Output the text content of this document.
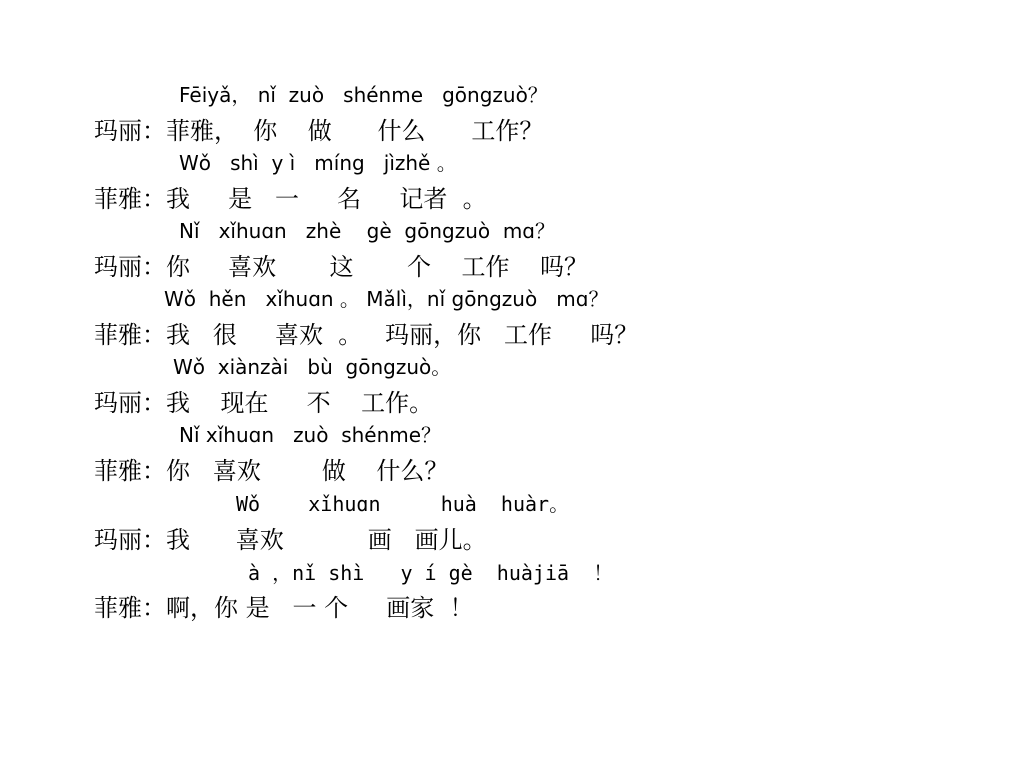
Fēiyǎ， nǐ  zuò   shénme   gōngzuò？
玛丽：菲雅，  你    做      什么      工作？
Wǒ   shì  y ì   míng   jìzhě 。
菲雅：我     是   一     名     记者  。
Nǐ   xǐhuɑn   zhè    gè  gōngzuò  mɑ？
玛丽：你     喜欢       这       个    工作    吗？
Wǒ  hěn   xǐhuɑn 。 Mǎlì，nǐ gōngzuò   mɑ？
菲雅：我   很     喜欢  。   玛丽，你   工作     吗？
Wǒ  xiànzài   bù  gōngzuò。
玛丽：我    现在     不    工作。
Nǐ xǐhuɑn   zuò  shénme？
菲雅：你   喜欢        做    什么？
Wǒ    xǐhuɑn     huà  huàr。
玛丽：我      喜欢           画   画儿。
à ，nǐ shì   y í gè  huàjiā  ！
菲雅：啊，你 是   一 个     画家  ！
